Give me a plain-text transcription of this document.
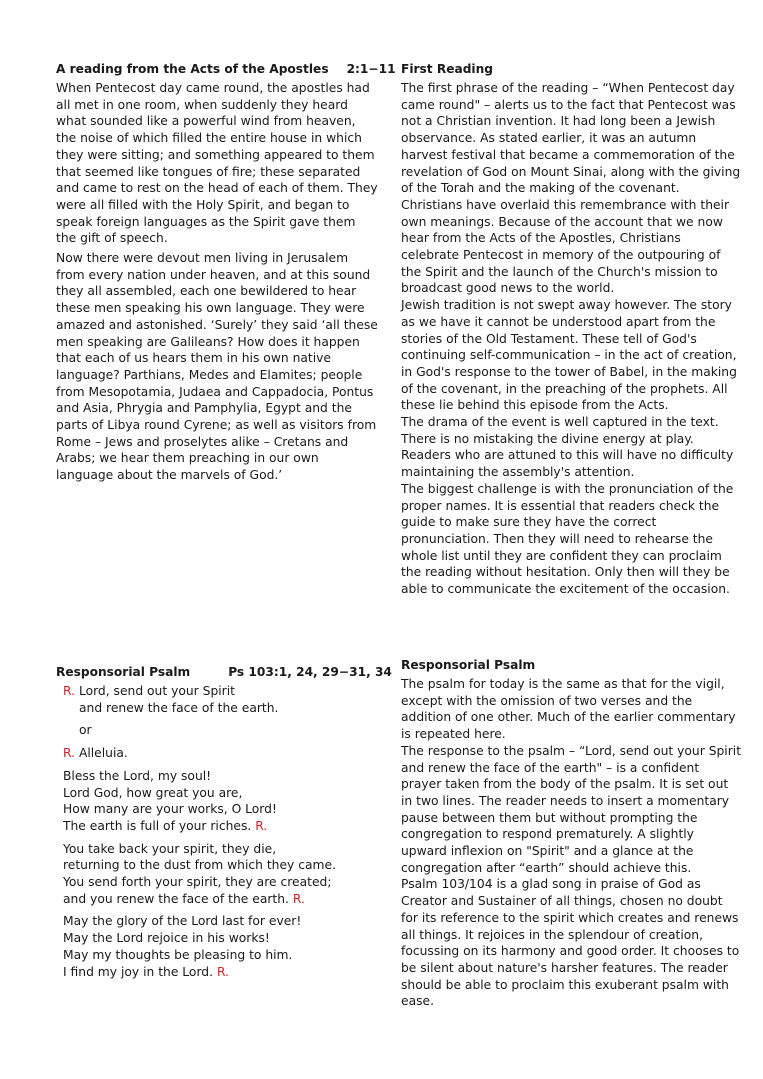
A reading from the Acts of the Apostles 2:1−11

When Pentecost day came round, the apostles had all met in one room, when suddenly they heard what sounded like a powerful wind from heaven, the noise of which filled the entire house in which they were sitting; and something appeared to them that seemed like tongues of fire; these separated and came to rest on the head of each of them. They were all filled with the Holy Spirit, and began to speak foreign languages as the Spirit gave them the gift of speech.

Now there were devout men living in Jerusalem from every nation under heaven, and at this sound they all assembled, each one bewildered to hear these men speaking his own language. They were amazed and astonished. ‘Surely’ they said ‘all these men speaking are Galileans? How does it happen that each of us hears them in his own native language? Parthians, Medes and Elamites; people from Mesopotamia, Judaea and Cappadocia, Pontus and Asia, Phrygia and Pamphylia, Egypt and the parts of Libya round Cyrene; as well as visitors from Rome – Jews and proselytes alike – Cretans and Arabs; we hear them preaching in our own language about the marvels of God.’

First Reading

The first phrase of the reading – “When Pentecost day came round" – alerts us to the fact that Pentecost was not a Christian invention. It had long been a Jewish observance. As stated earlier, it was an autumn harvest festival that became a commemoration of the revelation of God on Mount Sinai, along with the giving of the Torah and the making of the covenant.

Christians have overlaid this remembrance with their own meanings. Because of the account that we now hear from the Acts of the Apostles, Christians celebrate Pentecost in memory of the outpouring of the Spirit and the launch of the Church's mission to broadcast good news to the world.

Jewish tradition is not swept away however. The story as we have it cannot be understood apart from the stories of the Old Testament. These tell of God's continuing self-communication – in the act of creation, in God's response to the tower of Babel, in the making of the covenant, in the preaching of the prophets. All these lie behind this episode from the Acts.

The drama of the event is well captured in the text. There is no mistaking the divine energy at play. Readers who are attuned to this will have no difficulty maintaining the assembly's attention.

The biggest challenge is with the pronunciation of the proper names. It is essential that readers check the guide to make sure they have the correct pronunciation. Then they will need to rehearse the whole list until they are confident they can proclaim the reading without hesitation. Only then will they be able to communicate the excitement of the occasion.

Responsorial Psalm	Ps 103:1, 24, 29−31, 34
R. Lord, send out your Spirit
and renew the face of the earth.
or
R. Alleluia.
Bless the Lord, my soul!
Lord God, how great you are,
How many are your works, O Lord!
The earth is full of your riches. R.
You take back your spirit, they die,
returning to the dust from which they came.
You send forth your spirit, they are created;
and you renew the face of the earth. R.
May the glory of the Lord last for ever!
May the Lord rejoice in his works!
May my thoughts be pleasing to him.
I find my joy in the Lord. R.
Responsorial Psalm

The psalm for today is the same as that for the vigil, except with the omission of two verses and the addition of one other. Much of the earlier commentary is repeated here.

The response to the psalm – “Lord, send out your Spirit and renew the face of the earth" – is a confident prayer taken from the body of the psalm. It is set out in two lines. The reader needs to insert a momentary pause between them but without prompting the congregation to respond prematurely. A slightly upward inflexion on "Spirit" and a glance at the congregation after “earth” should achieve this.

Psalm 103/104 is a glad song in praise of God as Creator and Sustainer of all things, chosen no doubt for its reference to the spirit which creates and renews all things. It rejoices in the splendour of creation, focussing on its harmony and good order. It chooses to be silent about nature's harsher features. The reader should be able to proclaim this exuberant psalm with ease.
